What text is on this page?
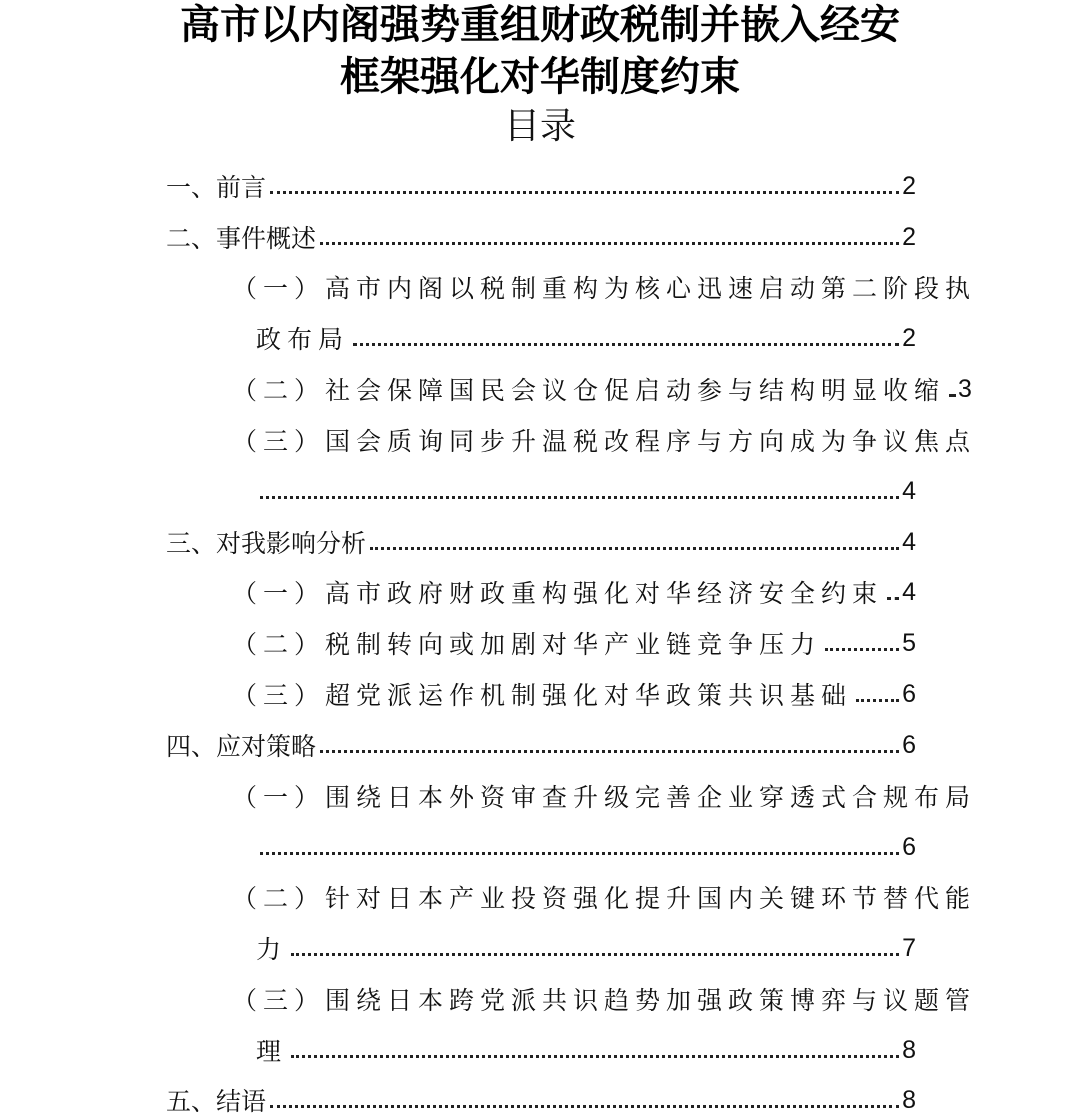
高市以内阁强势重组财政税制并嵌入经安
框架强化对华制度约束
目录
一、前言	2
二、事件概述	2
（一）高市内阁以税制重构为核心迅速启动第二阶段执
政布局	2
（二）社会保障国民会议仓促启动参与结构明显收缩 3
（三）国会质询同步升温税改程序与方向成为争议焦点
4
三、对我影响分析	4
（一）高市政府财政重构强化对华经济安全约束 4
（二）税制转向或加剧对华产业链竞争压力	5
（三）超党派运作机制强化对华政策共识基础 6
四、应对策略	6
（一）围绕日本外资审查升级完善企业穿透式合规布局
6
（二）针对日本产业投资强化提升国内关键环节替代能
力	7
（三）围绕日本跨党派共识趋势加强政策博弈与议题管
理	8
五、结语	8
